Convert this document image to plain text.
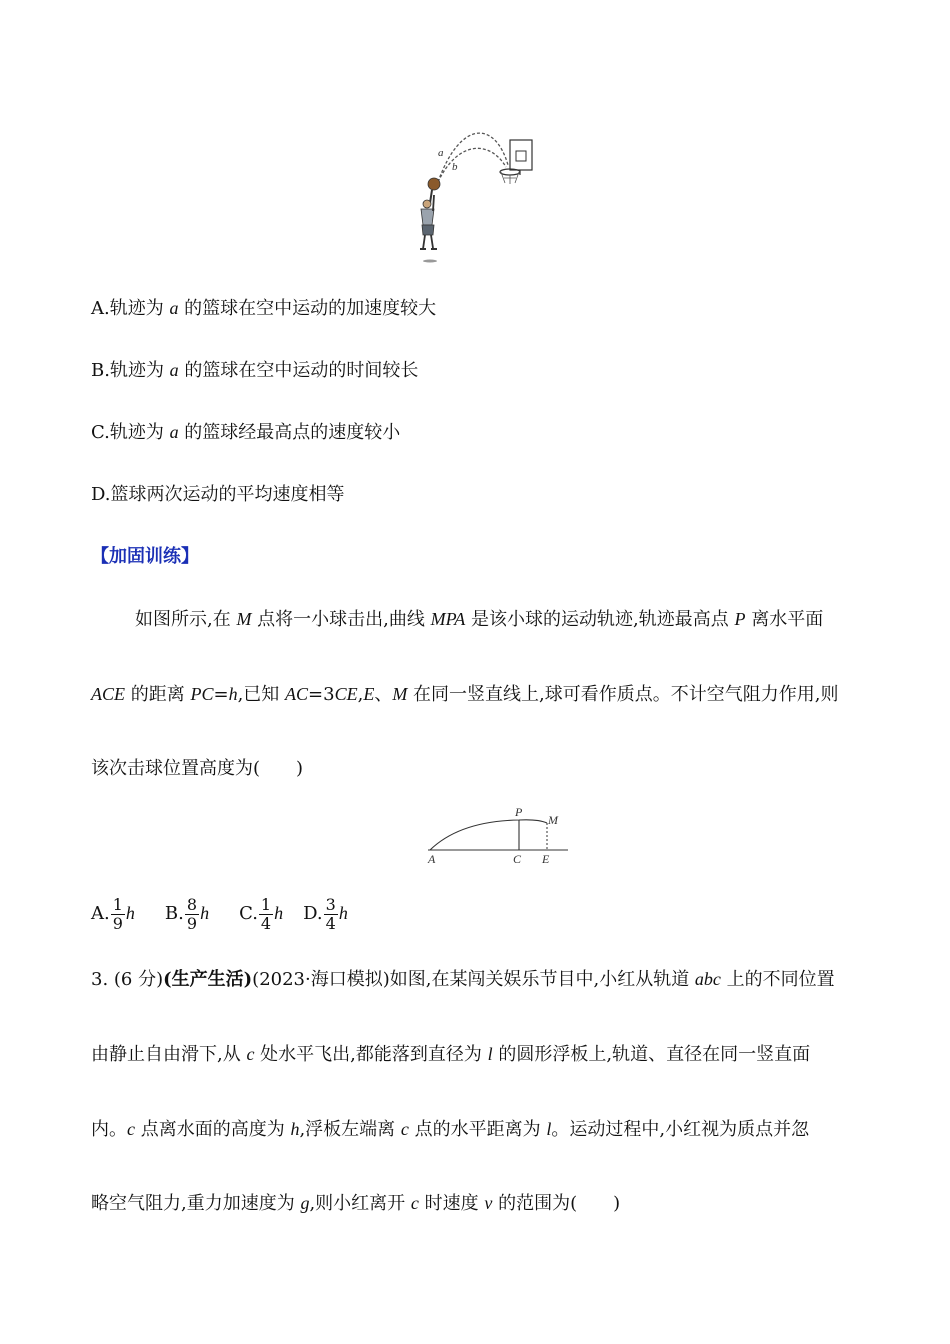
a
b
A.轨迹为 a 的篮球在空中运动的加速度较大
B.轨迹为 a 的篮球在空中运动的时间较长
C.轨迹为 a 的篮球经最高点的速度较小
D.篮球两次运动的平均速度相等
【加固训练】
如图所示,在 M 点将一小球击出,曲线 MPA 是该小球的运动轨迹,轨迹最高点 P 离水平面
ACE 的距离 PC=h,已知 AC=3CE,E、M 在同一竖直线上,球可看作质点。不计空气阻力作用,则
该次击球位置高度为( )
P
M
A	C E
A. $\frac{1}{9}$ h B. $\frac{8}{9}$ h C. $\frac{1}{4}$ h D. $\frac{3}{4}$ h
3. (6 分)(生产生活)(2023·海口模拟)如图,在某闯关娱乐节目中,小红从轨道 abc 上的不同位置
由静止自由滑下,从 c 处水平飞出,都能落到直径为 l 的圆形浮板上,轨道、直径在同一竖直面
内。c 点离水面的高度为 h,浮板左端离 c 点的水平距离为 l。运动过程中,小红视为质点并忽
略空气阻力,重力加速度为 g,则小红离开 c 时速度 v 的范围为( )
